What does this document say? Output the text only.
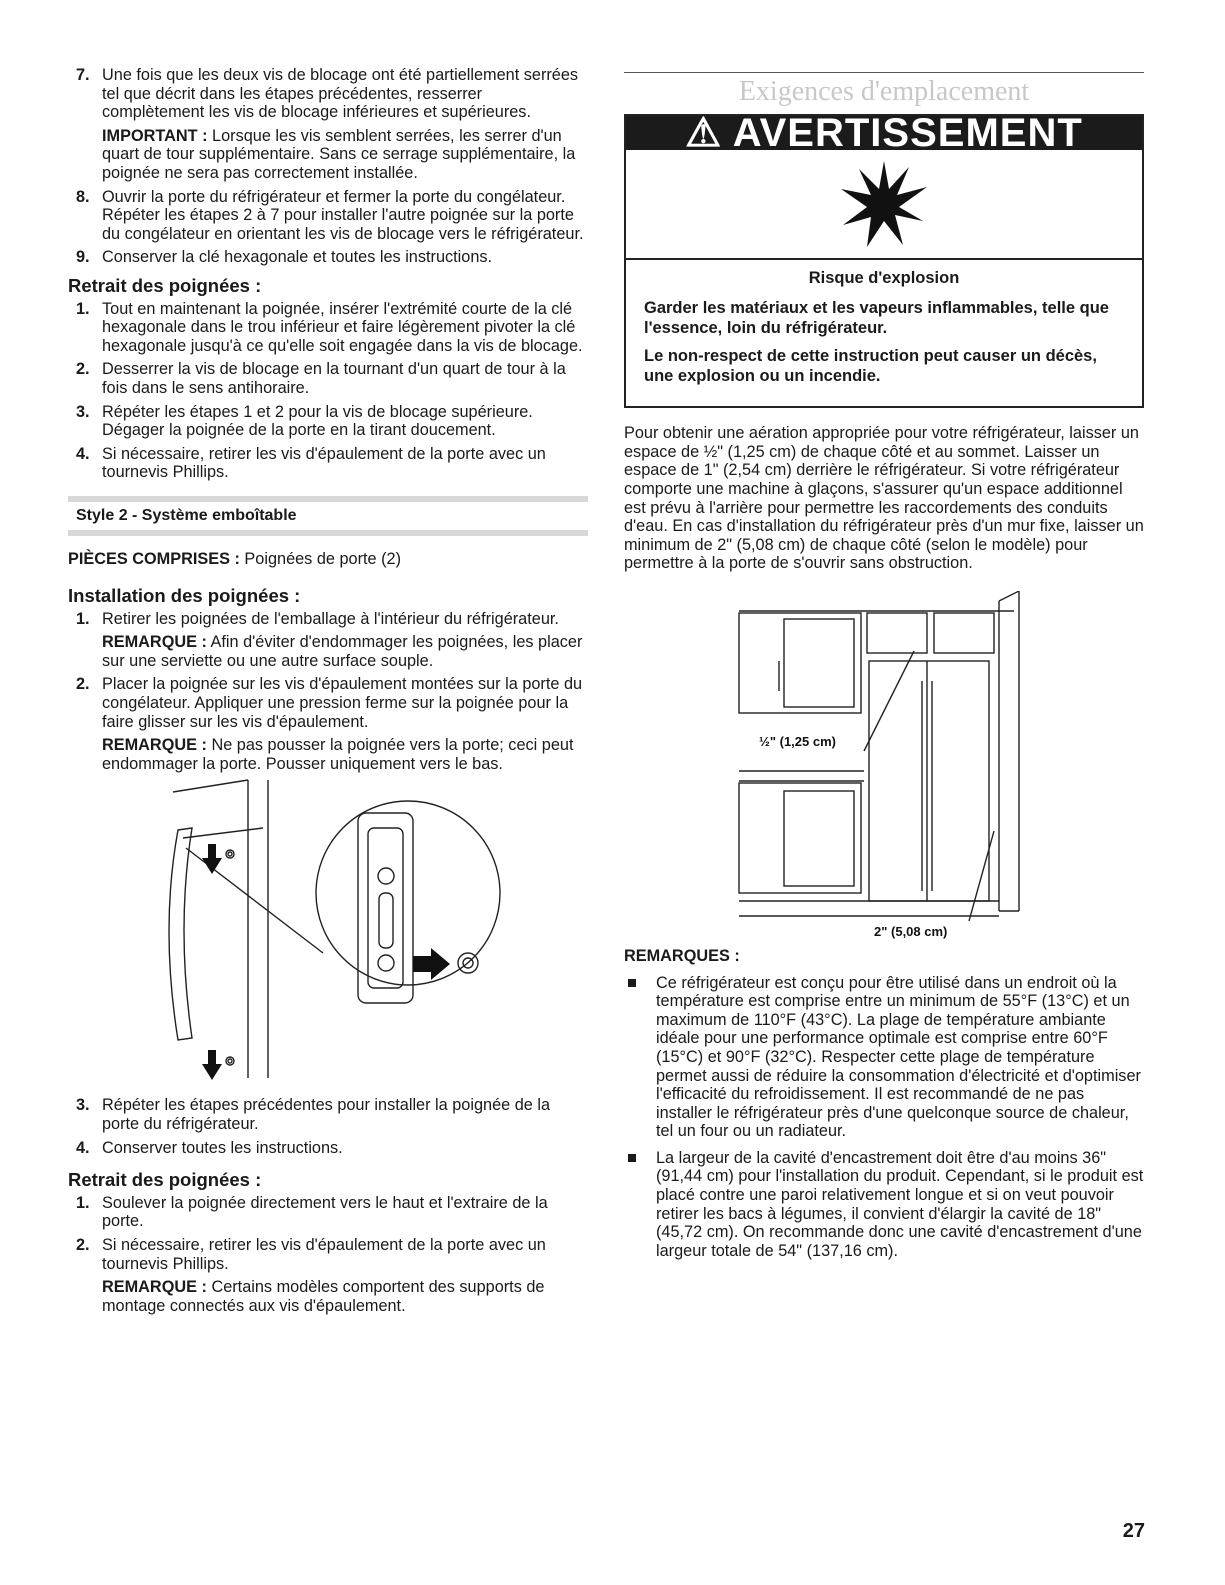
7. Une fois que les deux vis de blocage ont été partiellement serrées tel que décrit dans les étapes précédentes, resserrer complètement les vis de blocage inférieures et supérieures.
IMPORTANT : Lorsque les vis semblent serrées, les serrer d'un quart de tour supplémentaire. Sans ce serrage supplémentaire, la poignée ne sera pas correctement installée.
8. Ouvrir la porte du réfrigérateur et fermer la porte du congélateur. Répéter les étapes 2 à 7 pour installer l'autre poignée sur la porte du congélateur en orientant les vis de blocage vers le réfrigérateur.
9. Conserver la clé hexagonale et toutes les instructions.
Retrait des poignées :
1. Tout en maintenant la poignée, insérer l'extrémité courte de la clé hexagonale dans le trou inférieur et faire légèrement pivoter la clé hexagonale jusqu'à ce qu'elle soit engagée dans la vis de blocage.
2. Desserrer la vis de blocage en la tournant d'un quart de tour à la fois dans le sens antihoraire.
3. Répéter les étapes 1 et 2 pour la vis de blocage supérieure. Dégager la poignée de la porte en la tirant doucement.
4. Si nécessaire, retirer les vis d'épaulement de la porte avec un tournevis Phillips.
Style 2 - Système emboîtable
PIÈCES COMPRISES : Poignées de porte (2)
Installation des poignées :
1. Retirer les poignées de l'emballage à l'intérieur du réfrigérateur.
REMARQUE : Afin d'éviter d'endommager les poignées, les placer sur une serviette ou une autre surface souple.
2. Placer la poignée sur les vis d'épaulement montées sur la porte du congélateur. Appliquer une pression ferme sur la poignée pour la faire glisser sur les vis d'épaulement.
REMARQUE : Ne pas pousser la poignée vers la porte; ceci peut endommager la porte. Pousser uniquement vers le bas.
3. Répéter les étapes précédentes pour installer la poignée de la porte du réfrigérateur.
4. Conserver toutes les instructions.
Retrait des poignées :
1. Soulever la poignée directement vers le haut et l'extraire de la porte.
2. Si nécessaire, retirer les vis d'épaulement de la porte avec un tournevis Phillips.
REMARQUE : Certains modèles comportent des supports de montage connectés aux vis d'épaulement.
Exigences d'emplacement
⚠ AVERTISSEMENT
Risque d'explosion

Garder les matériaux et les vapeurs inflammables, telle que l'essence, loin du réfrigérateur.

Le non-respect de cette instruction peut causer un décès, une explosion ou un incendie.

Pour obtenir une aération appropriée pour votre réfrigérateur, laisser un espace de ½" (1,25 cm) de chaque côté et au sommet. Laisser un espace de 1" (2,54 cm) derrière le réfrigérateur. Si votre réfrigérateur comporte une machine à glaçons, s'assurer qu'un espace additionnel est prévu à l'arrière pour permettre les raccordements des conduits d'eau. En cas d'installation du réfrigérateur près d'un mur fixe, laisser un minimum de 2" (5,08 cm) de chaque côté (selon le modèle) pour permettre à la porte de s'ouvrir sans obstruction.
½" (1,25 cm)
2" (5,08 cm)
REMARQUES :
Ce réfrigérateur est conçu pour être utilisé dans un endroit où la température est comprise entre un minimum de 55°F (13°C) et un maximum de 110°F (43°C). La plage de température ambiante idéale pour une performance optimale est comprise entre 60°F (15°C) et 90°F (32°C). Respecter cette plage de température permet aussi de réduire la consommation d'électricité et d'optimiser l'efficacité du refroidissement. Il est recommandé de ne pas installer le réfrigérateur près d'une quelconque source de chaleur, tel un four ou un radiateur.
La largeur de la cavité d'encastrement doit être d'au moins 36" (91,44 cm) pour l'installation du produit. Cependant, si le produit est placé contre une paroi relativement longue et si on veut pouvoir retirer les bacs à légumes, il convient d'élargir la cavité de 18" (45,72 cm). On recommande donc une cavité d'encastrement d'une largeur totale de 54" (137,16 cm).
27
